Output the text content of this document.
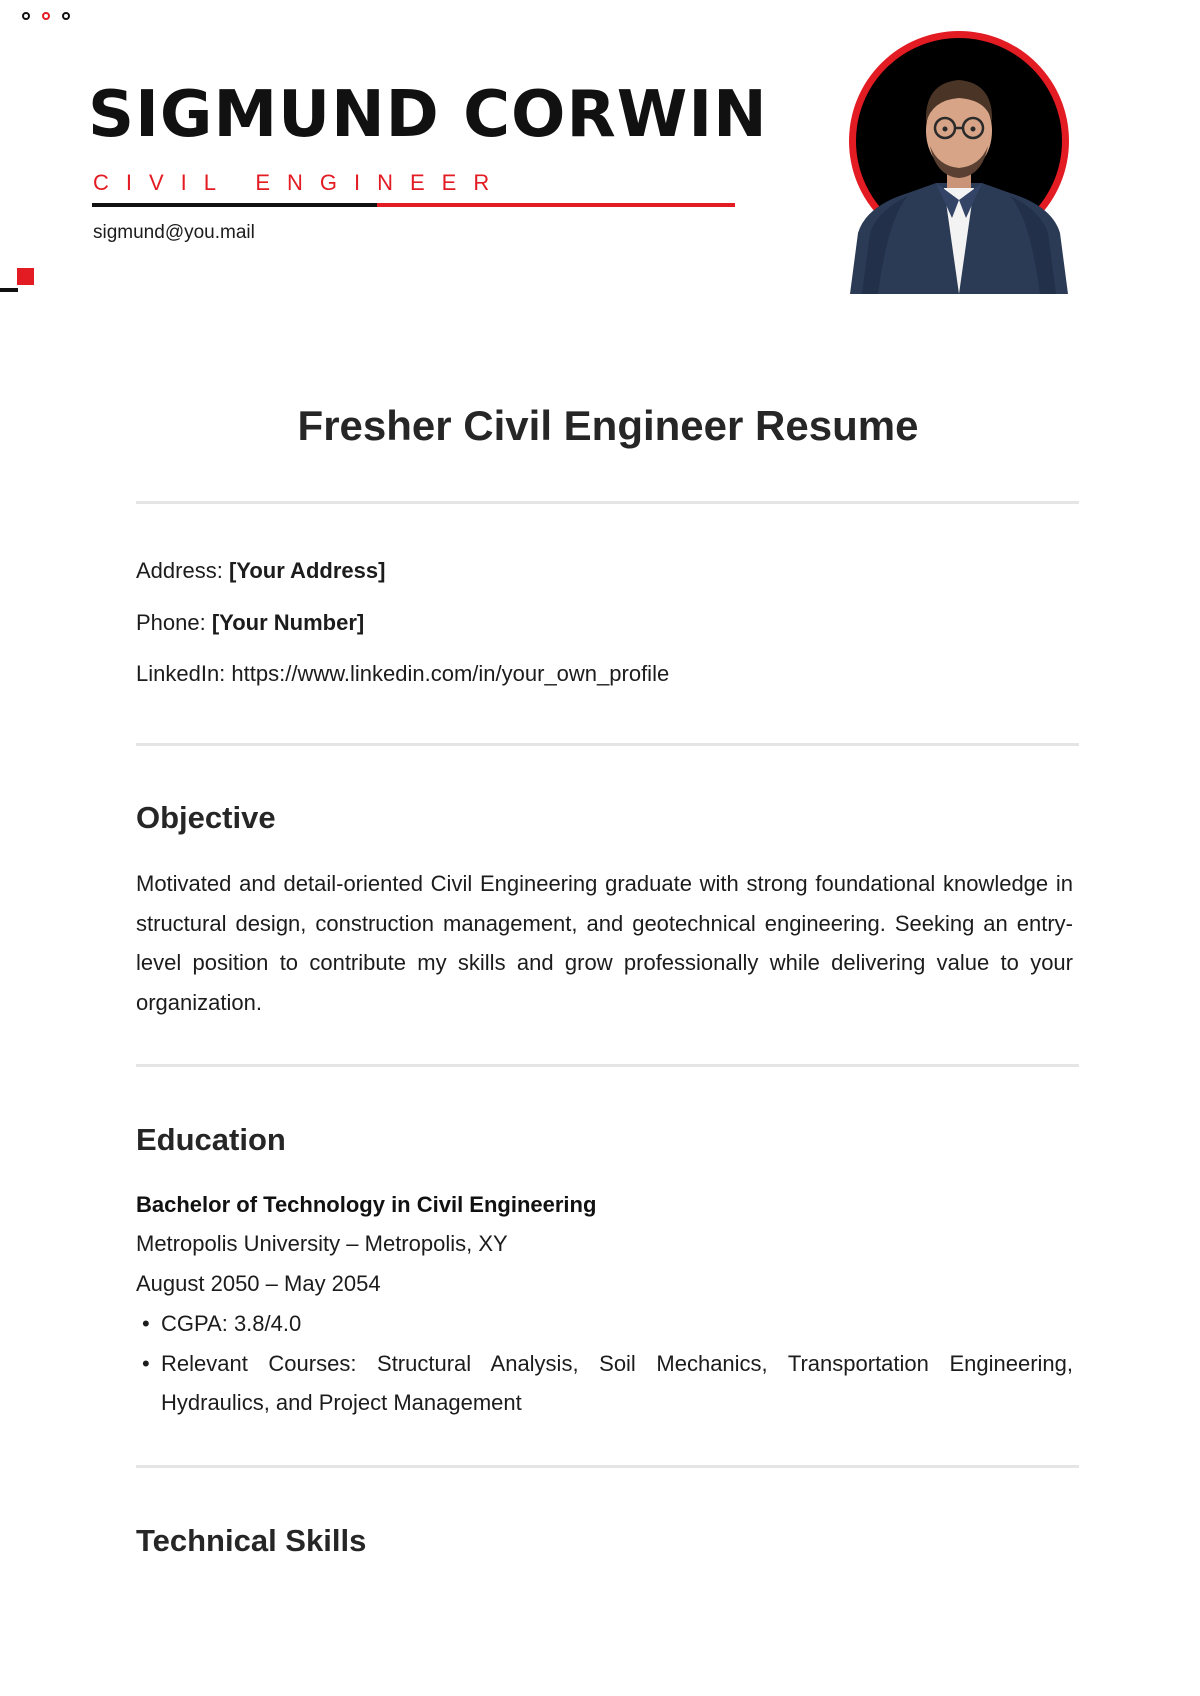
SIGMUND CORWIN
CIVIL ENGINEER
sigmund@you.mail
Fresher Civil Engineer Resume
Address: [Your Address]
Phone: [Your Number]
LinkedIn: https://www.linkedin.com/in/your_own_profile
Objective

Motivated and detail-oriented Civil Engineering graduate with strong foundational knowledge in structural design, construction management, and geotechnical engineering. Seeking an entry-level position to contribute my skills and grow professionally while delivering value to your organization.

Education
Bachelor of Technology in Civil Engineering
Metropolis University – Metropolis, XY
August 2050 – May 2054
• CGPA: 3.8/4.0
• Relevant Courses: Structural Analysis, Soil Mechanics, Transportation Engineering, Hydraulics, and Project Management
Technical Skills
